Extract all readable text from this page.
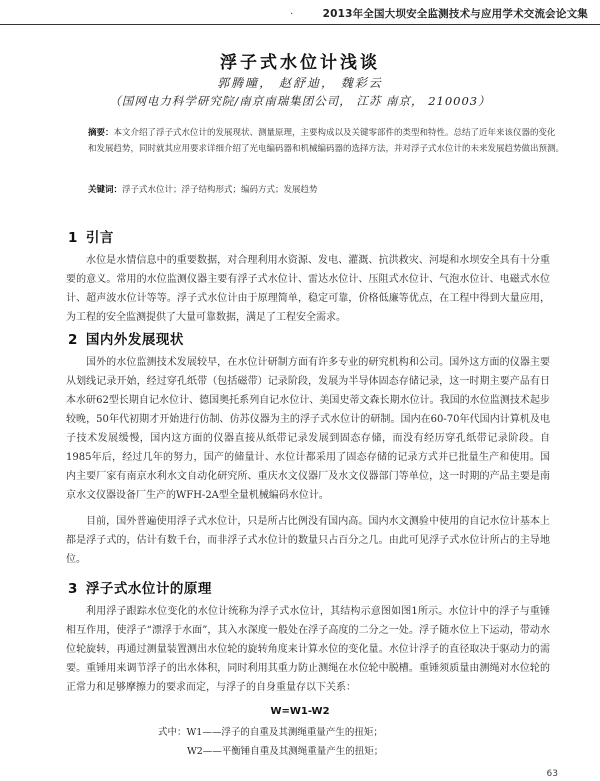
.	2013年全国大坝安全监测技术与应用学术交流会论文集
浮子式水位计浅谈
郭腾曈， 赵舒迪， 魏彩云
（国网电力科学研究院/南京南瑞集团公司， 江苏 南京， 210003）
摘要：本文介绍了浮子式水位计的发展现状、测量原理，主要构成以及关键零部件的类型和特性。总结了近年来该仪器的变化和发展趋势，同时就其应用要求详细介绍了光电编码器和机械编码器的选择方法，并对浮子式水位计的未来发展趋势做出预测。
关键词：浮子式水位计；浮子结构形式；编码方式；发展趋势
1 引言
水位是水情信息中的重要数据，对合理利用水资源、发电、灌溉、抗洪救灾、河堤和水坝安全具有十分重要的意义。常用的水位监测仪器主要有浮子式水位计、雷达水位计、压阻式水位计、气泡水位计、电磁式水位计、超声波水位计等等。浮子式水位计由于原理简单，稳定可靠，价格低廉等优点，在工程中得到大量应用，为工程的安全监测提供了大量可靠数据，满足了工程安全需求。
2 国内外发展现状
国外的水位监测技术发展较早，在水位计研制方面有许多专业的研究机构和公司。国外这方面的仪器主要从划线记录开始，经过穿孔纸带（包括磁带）记录阶段，发展为半导体固态存储记录，这一时期主要产品有日本水研62型长期自记水位计、德国奥托系列自记水位计、美国史蒂文森长期水位计。我国的水位监测技术起步较晚，50年代初期才开始进行仿制、仿苏仪器为主的浮子式水位计的研制。国内在60-70年代国内计算机及电子技术发展缓慢，国内这方面的仪器直接从纸带记录发展到固态存储，而没有经历穿孔纸带记录阶段。自1985年后，经过几年的努力，国产的储量计、水位计都采用了固态存储的记录方式并已批量生产和使用。国内主要厂家有南京水利水文自动化研究所、重庆水文仪器厂及水文仪器部门等单位，这一时期的产品主要是南京水文仪器设备厂生产的WFH-2A型全量机械编码水位计。
目前，国外普遍使用浮子式水位计，只是所占比例没有国内高。国内水文测验中使用的自记水位计基本上都是浮子式的，估计有数千台，而非浮子式水位计的数量只占百分之几。由此可见浮子式水位计所占的主导地位。
3 浮子式水位计的原理
利用浮子跟踪水位变化的水位计统称为浮子式水位计，其结构示意图如图1所示。水位计中的浮子与重锤相互作用，使浮子“漂浮于水面”，其入水深度一般处在浮子高度的二分之一处。浮子随水位上下运动，带动水位轮旋转，再通过测量装置测出水位轮的旋转角度来计算水位的变化量。水位计浮子的直径取决于驱动力的需要。重锤用来调节浮子的出水体积，同时利用其重力防止测绳在水位轮中脱槽。重锤须质量由测绳对水位轮的正常力和足够摩擦力的要求而定，与浮子的自身重量存以下关系：
W=W1-W2
式中：W1——浮子的自重及其测绳重量产生的扭矩；
W2——平衡锤自重及其测绳重量产生的扭矩；
63
